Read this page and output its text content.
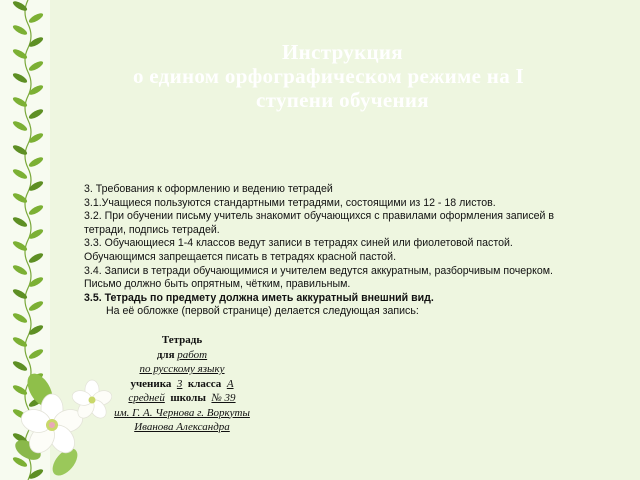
Инструкция
о едином орфографическом режиме на I
ступени обучения

3. Требования к оформлению и ведению тетрадей

3.1.Учащиеся пользуются стандартными тетрадями, состоящими из 12 - 18 листов.

3.2. При обучении письму учитель знакомит обучающихся с правилами оформления записей в тетради, подпись тетрадей.

3.3. Обучающиеся 1-4 классов ведут записи в тетрадях синей или фиолетовой пастой. Обучающимся запрещается писать в тетрадях красной пастой.

3.4. Записи в тетради обучающимися и учителем ведутся аккуратным, разборчивым почерком. Письмо должно быть опрятным, чётким, правильным.

3.5. Тетрадь по предмету должна иметь аккуратный внешний вид.

На её обложке (первой странице) делается следующая запись:

Тетрадь
для работ
по русскому языку
ученика 3 класса А
средней школы № 39
им. Г. А. Чернова г. Воркуты
Иванова Александра
